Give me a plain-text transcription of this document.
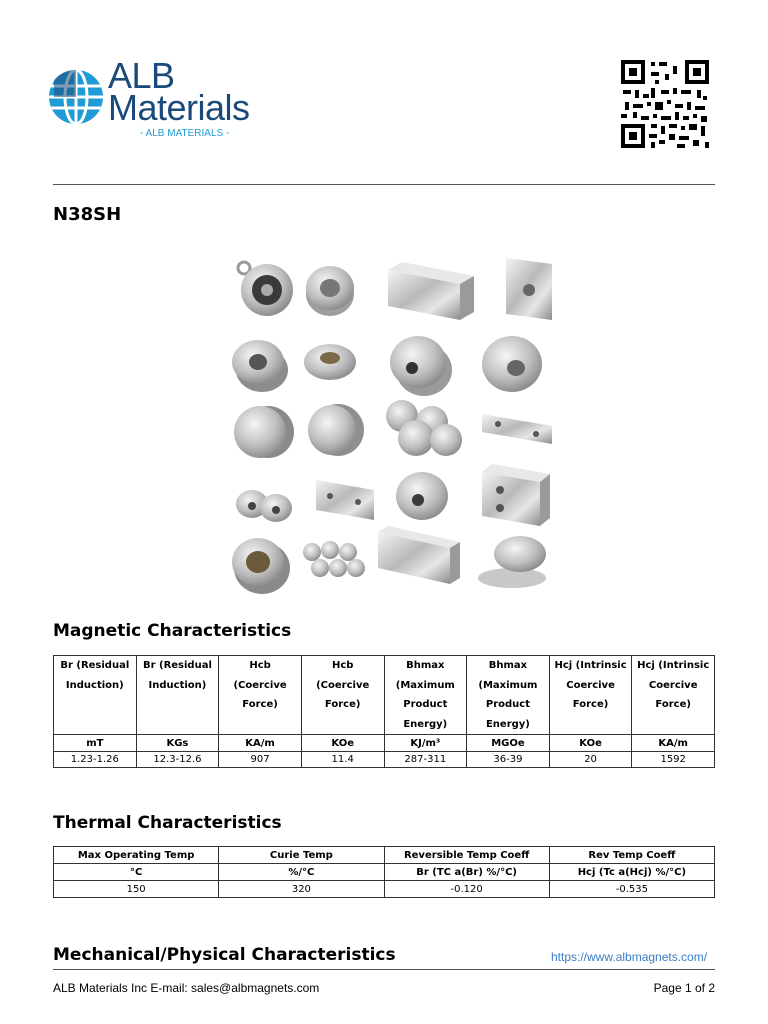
ALB
Materials
- ALB MATERIALS -
N38SH
Magnetic Characteristics
Br (Residual
Induction)	Br (Residual
Induction)	Hcb
(Coercive
Force)	Hcb
(Coercive
Force)	Bhmax
(Maximum
Product
Energy)	Bhmax
(Maximum
Product
Energy)	Hcj (Intrinsic
Coercive
Force)	Hcj (Intrinsic
Coercive
Force)
mT	KGs	KA/m	KOe	KJ/m³	MGOe	KOe	KA/m
1.23-1.26	12.3-12.6	907	11.4	287-311	36-39	20	1592
Thermal Characteristics
Max Operating Temp	Curie Temp	Reversible Temp Coeff	Rev Temp Coeff
°C	%/°C	Br (TC a(Br) %/°C)	Hcj (Tc a(Hcj) %/°C)
150	320	-0.120	-0.535
Mechanical/Physical Characteristics	https://www.albmagnets.com/
ALB Materials Inc E-mail: sales@albmagnets.com	Page 1 of 2
